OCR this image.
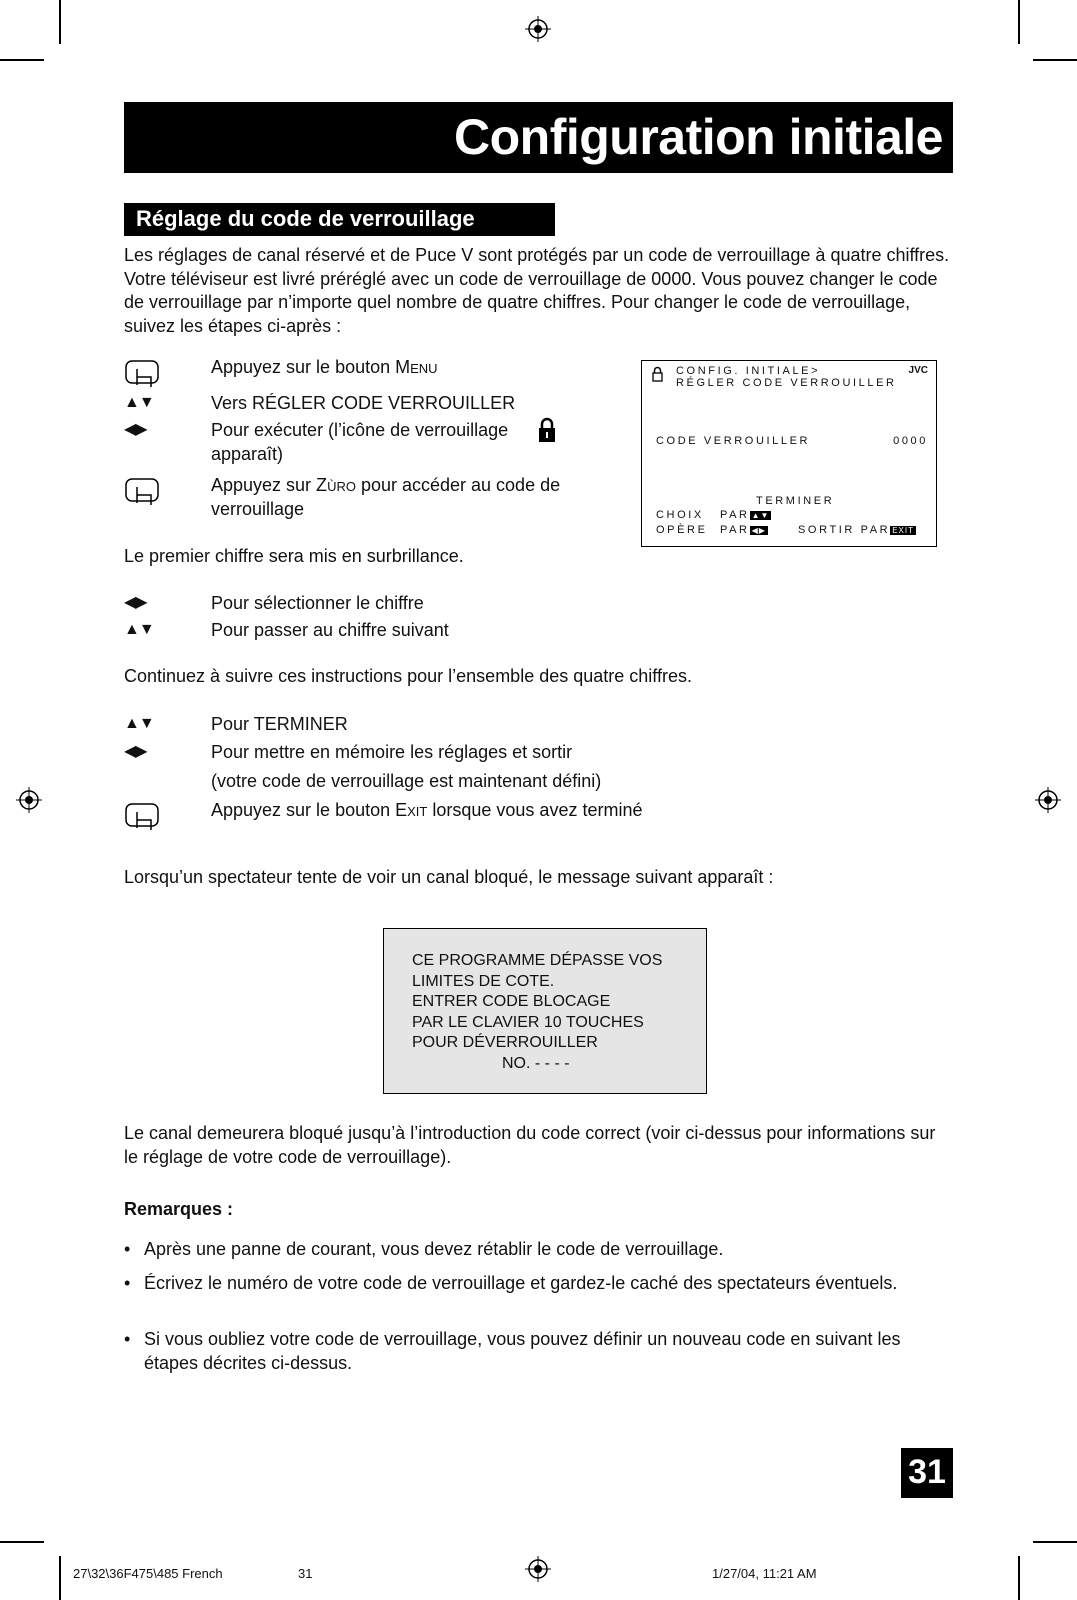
Configuration initiale
Réglage du code de verrouillage
Les réglages de canal réservé et de Puce V sont protégés par un code de verrouillage à quatre chiffres. Votre téléviseur est livré préréglé avec un code de verrouillage de 0000. Vous pouvez changer le code de verrouillage par n’importe quel nombre de quatre chiffres. Pour changer le code de verrouillage, suivez les étapes ci-après :
Appuyez sur le bouton Menu
▲▼	Vers RÉGLER CODE VERROUILLER
◀▶	Pour exécuter (l’icône de verrouillage
apparaît)
Appuyez sur Zùro pour accéder au code de
verrouillage
CONFIG. INITIALE>	JVC
RÉGLER CODE VERROUILLER
CODE VERROUILLER	0000
TERMINER
CHOIX PAR ▲▼
OPÈRE PAR ◀▶	SORTIR PAR EXIT
Le premier chiffre sera mis en surbrillance.
◀▶	Pour sélectionner le chiffre
▲▼	Pour passer au chiffre suivant
Continuez à suivre ces instructions pour l’ensemble des quatre chiffres.
▲▼	Pour TERMINER
◀▶	Pour mettre en mémoire les réglages et sortir
(votre code de verrouillage est maintenant défini)
Appuyez sur le bouton Exit lorsque vous avez terminé
Lorsqu’un spectateur tente de voir un canal bloqué, le message suivant apparaît :
CE PROGRAMME DÉPASSE VOS
LIMITES DE COTE.
ENTRER CODE BLOCAGE
PAR LE CLAVIER 10 TOUCHES
POUR DÉVERROUILLER
NO. - - - -
Le canal demeurera bloqué jusqu’à l’introduction du code correct (voir ci-dessus pour informations sur le réglage de votre code de verrouillage).
Remarques :
• Après une panne de courant, vous devez rétablir le code de verrouillage.
• Écrivez le numéro de votre code de verrouillage et gardez-le caché des spectateurs éventuels.
• Si vous oubliez votre code de verrouillage, vous pouvez définir un nouveau code en suivant les étapes décrites ci-dessus.
31
27\32\36F475\485 French	31	1/27/04, 11:21 AM
